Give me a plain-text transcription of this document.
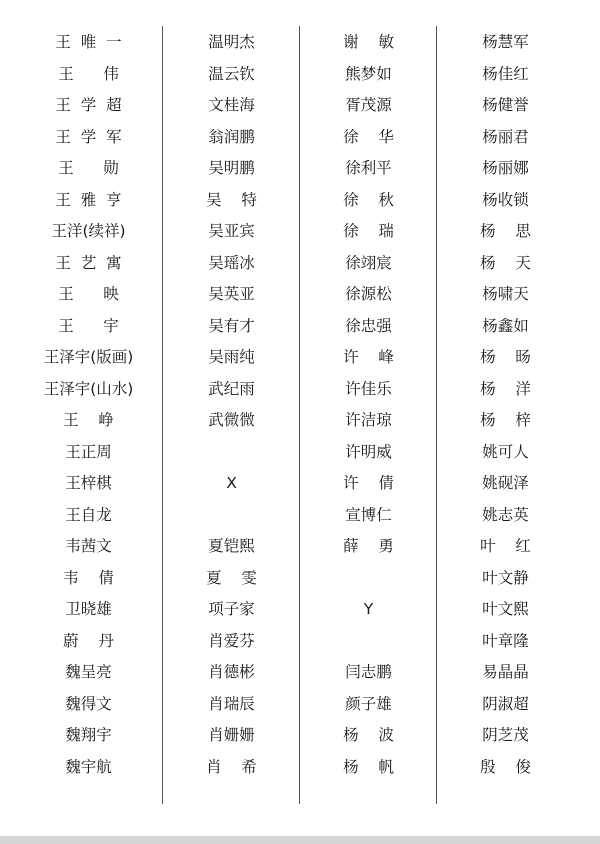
王  唯  一
王      伟
王  学  超
王  学  军
王      勋
王  雅  亨
王洋(续祥)
王  艺  寓
王      映
王      宇
王泽宇(版画)
王泽宇(山水)
王    峥
王正周
王梓棋
王自龙
韦茜文
韦    倩
卫晓雄
蔚    丹
魏呈亮
魏得文
魏翔宇
魏宇航
温明杰
温云钦
文桂海
翁润鹏
吴明鹏
吴    特
吴亚宾
吴瑶冰
吴英亚
吴有才
吴雨纯
武纪雨
武微微
X
夏铠熙
夏    雯
项子家
肖爱芬
肖德彬
肖瑞辰
肖姗姗
肖    希
谢    敏
熊梦如
胥茂源
徐    华
徐利平
徐    秋
徐    瑞
徐翊宸
徐源松
徐忠强
许    峰
许佳乐
许洁琼
许明威
许    倩
宣博仁
薛    勇
Y
闫志鹏
颜子雄
杨    波
杨    帆
杨慧军
杨佳红
杨健誉
杨丽君
杨丽娜
杨收锁
杨    思
杨    天
杨啸天
杨鑫如
杨    旸
杨    洋
杨    梓
姚可人
姚砚泽
姚志英
叶    红
叶文静
叶文熙
叶章隆
易晶晶
阴淑超
阴芝茂
殷    俊
